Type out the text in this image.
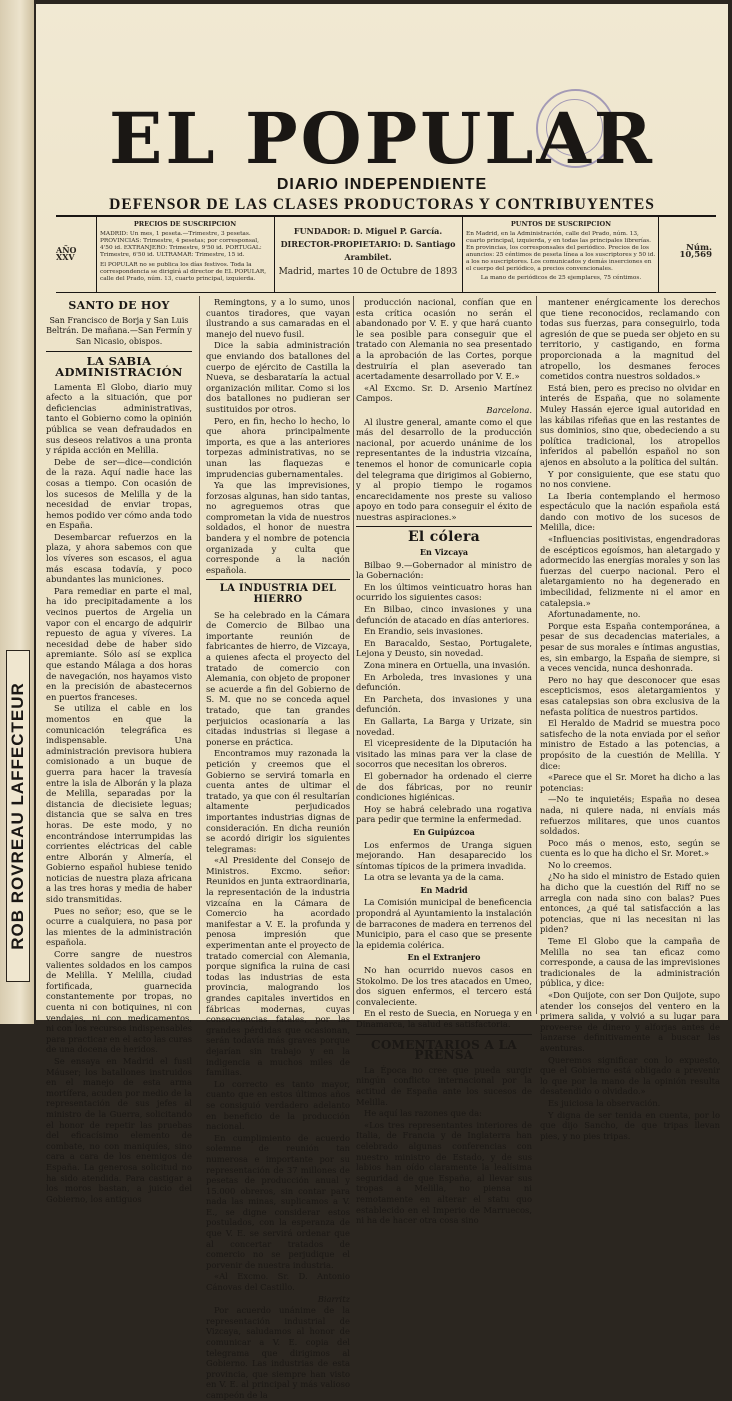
ROB ROVREAU LAFFECTEUR
EL POPULAR
DIARIO INDEPENDIENTE
DEFENSOR DE LAS CLASES PRODUCTORAS Y CONTRIBUYENTES
AÑO XXV
PRECIOS DE SUSCRIPCION
MADRID: Un mes, 1 peseta.—Trimestre, 3 pesetas. PROVINCIAS: Trimestre, 4 pesetas; por corresponsal, 4'50 id. EXTRANJERO: Trimestre, 9'50 id. PORTUGAL: Trimestre, 6'50 id. ULTRAMAR: Trimestre, 15 id.
El POPULAR no se publica los días festivos. Toda la correspondencia se dirigirá al director de EL POPULAR, calle del Prado, núm. 13, cuarto principal, izquierda.
FUNDADOR: D. Miguel P. García.
DIRECTOR-PROPIETARIO: D. Santiago Arambilet.
Madrid, martes 10 de Octubre de 1893
PUNTOS DE SUSCRIPCION
En Madrid, en la Administración, calle del Prado, núm. 13, cuarto principal, izquierda, y en todas las principales librerías. En provincias, los corresponsales del periódico. Precios de los anuncios: 25 céntimos de peseta línea a los suscriptores y 50 id. a los no suscriptores. Los comunicados y demás inserciones en el cuerpo del periódico, a precios convencionales.
La mano de periódicos de 25 ejemplares, 75 céntimos.
Núm. 10,569
SANTO DE HOY

San Francisco de Borja y San Luis Beltrán. De mañana.—San Fermín y San Nicasio, obispos.

LA SABIA ADMINISTRACIÓN

Lamenta El Globo, diario muy afecto a la situación, que por deficiencias administrativas, tanto el Gobierno como la opinión pública se vean defraudados en sus deseos relativos a una pronta y rápida acción en Melilla.

Debe de ser—dice—condición de la raza. Aquí nadie hace las cosas a tiempo. Con ocasión de los sucesos de Melilla y de la necesidad de enviar tropas, hemos podido ver cómo anda todo en España.

Desembarcar refuerzos en la plaza, y ahora sabemos con que los víveres son escasos, el agua más escasa todavía, y poco abundantes las municiones.

Para remediar en parte el mal, ha ido precipitadamente a los vecinos puertos de Argelia un vapor con el encargo de adquirir repuesto de agua y víveres. La necesidad debe de haber sido apremiante. Sólo así se explica que estando Málaga a dos horas de navegación, nos hayamos visto en la precisión de abastecernos en puertos franceses.

Se utiliza el cable en los momentos en que la comunicación telegráfica es indispensable. Una administración previsora hubiera comisionado a un buque de guerra para hacer la travesía entre la isla de Alborán y la plaza de Melilla, separadas por la distancia de diecisiete leguas; distancia que se salva en tres horas. De este modo, y no encontrándose interrumpidas las corrientes eléctricas del cable entre Alborán y Almería, el Gobierno español hubiese tenido noticias de nuestra plaza africana a las tres horas y media de haber sido transmitidas.

Pues no señor; eso, que se le ocurre a cualquiera, no pasa por las mientes de la administración española.

Corre sangre de nuestros valientes soldados en los campos de Melilla. Y Melilla, ciudad fortificada, guarnecida constantemente por tropas, no cuenta ni con botiquines, ni con vendajes, ni con medicamentos, ni con los recursos indispensables para practicar en el acto las curas de una docena de heridos.

Se ensaya en Madrid el fusil Máuser; los batallones instruidos en el manejo de esta arma mortífera, acuden por medio de la representación de sus jefes al ministro de la Guerra, solicitando el honor de repetir las pruebas del eficacísimo elemento de combate, no con maniquíes, sino cara a cara de los enemigos de España. La generosa solicitud no ha sido atendida. Para castigar a los moros bastan, a juicio del Gobierno, los antiguos

Remingtons, y a lo sumo, unos cuantos tiradores, que vayan ilustrando a sus camaradas en el manejo del nuevo fusil.

Dice la sabia administración que enviando dos batallones del cuerpo de ejército de Castilla la Nueva, se desbarataría la actual organización militar. Como si los dos batallones no pudieran ser sustituidos por otros.

Pero, en fin, hecho lo hecho, lo que ahora principalmente importa, es que a las anteriores torpezas administrativas, no se unan las flaquezas e imprudencias gubernamentales.

Ya que las imprevisiones, forzosas algunas, han sido tantas, no agreguemos otras que comprometan la vida de nuestros soldados, el honor de nuestra bandera y el nombre de potencia organizada y culta que corresponde a la nación española.

LA INDUSTRIA DEL HIERRO

Se ha celebrado en la Cámara de Comercio de Bilbao una importante reunión de fabricantes de hierro, de Vizcaya, a quienes afecta el proyecto del tratado de comercio con Alemania, con objeto de proponer se acuerde a fin del Gobierno de S. M. que no se conceda aquel tratado, que tan grandes perjuicios ocasionaría a las citadas industrias si llegase a ponerse en práctica.

Encontramos muy razonada la petición y creemos que el Gobierno se servirá tomarla en cuenta antes de ultimar el tratado, ya que con él resultarían altamente perjudicados importantes industrias dignas de consideración. En dicha reunión se acordó dirigir los siguientes telegramas:

«Al Presidente del Consejo de Ministros. Excmo. señor: Reunidos en junta extraordinaria, la representación de la industria vizcaína en la Cámara de Comercio ha acordado manifestar a V. E. la profunda y penosa impresión que experimentan ante el proyecto de tratado comercial con Alemania, porque significa la ruina de casi todas las industrias de esta provincia, malogrando los grandes capitales invertidos en fábricas modernas, cuyas consecuencias fatales, por las grandes pérdidas que ocasionan, serán todavía más graves porque dejarían sin trabajo y en la indigencia a muchos miles de familias.

Lo correcto es tanto mayor, cuanto que en estos últimos años se consiguió verdadero adelanto en beneficio de la producción nacional.

En cumplimiento de acuerdo solemne de reunión tan numerosa e importante por su representación de 37 millones de pesetas de producción anual y 15.000 obreros, sin contar para nada las minas, suplicamos a V. E., se digne considerar estos postulados, con la esperanza de que V. E. se servirá ordenar que al concertar tratados de comercio no se perjudique el porvenir de nuestra industria.

«Al Excmo. Sr. D. Antonio Cánovas del Castillo.

Biarritz

Por acuerdo unánime de la representación industrial de Vizcaya, saludamos al honor de comunicar a V. E. copia del telegrama que dirigimos al Gobierno. Las industrias de esta provincia, que siempre han visto en V. E. al principal y más valioso campeón de la

producción nacional, confían que en esta crítica ocasión no serán el abandonado por V. E. y que hará cuanto le sea posible para conseguir que el tratado con Alemania no sea presentado a la aprobación de las Cortes, porque destruiría el plan aseverado tan acertadamente desarrollado por V. E.»

«Al Excmo. Sr. D. Arsenio Martínez Campos.

Barcelona.

Al ilustre general, amante como el que más del desarrollo de la producción nacional, por acuerdo unánime de los representantes de la industria vizcaína, tenemos el honor de comunicarle copia del telegrama que dirigimos al Gobierno, y al propio tiempo le rogamos encarecidamente nos preste su valioso apoyo en todo para conseguir el éxito de nuestras aspiraciones.»

El cólera

En Vizcaya

Bilbao 9.—Gobernador al ministro de la Gobernación:

En los últimos veinticuatro horas han ocurrido los siguientes casos:

En Bilbao, cinco invasiones y una defunción de atacado en días anteriores.

En Erandio, seis invasiones.

En Baracaldo, Sestao, Portugalete, Lejona y Deusto, sin novedad.

Zona minera en Ortuella, una invasión.

En Arboleda, tres invasiones y una defunción.

En Parcheta, dos invasiones y una defunción.

En Gallarta, La Barga y Urizate, sin novedad.

El vicepresidente de la Diputación ha visitado las minas para ver la clase de socorros que necesitan los obreros.

El gobernador ha ordenado el cierre de dos fábricas, por no reunir condiciones higiénicas.

Hoy se habrá celebrado una rogativa para pedir que termine la enfermedad.

En Guipúzcoa

Los enfermos de Uranga siguen mejorando. Han desaparecido los síntomas típicos de la primera invadida.

La otra se levanta ya de la cama.

En Madrid

La Comisión municipal de beneficencia propondrá al Ayuntamiento la instalación de barracones de madera en terrenos del Municipio, para el caso que se presente la epidemia colérica.

En el Extranjero

No han ocurrido nuevos casos en Stokolmo. De los tres atacados en Umeo, dos siguen enfermos, el tercero está convaleciente.

En el resto de Suecia, en Noruega y en Dinamarca, la salud es satisfactoria.

COMENTARIOS A LA PRENSA

La Época no cree que pueda surgir ningún conflicto internacional por la actitud de España ante los sucesos de Melilla.

He aquí las razones que da:

«Los tres representantes interiores de Italia, de Francia y de Inglaterra han celebrado algunas conferencias con nuestro ministro de Estado, y de sus labios han oído claramente la lealísima seguridad de que España, al llevar sus tropas a Melilla, no piensa ni remotamente en alterar el statu quo establecido en el Imperio de Marruecos, ni ha de hacer otra cosa sino

mantener enérgicamente los derechos que tiene reconocidos, reclamando con todas sus fuerzas, para conseguirlo, toda agresión de que se pueda ser objeto en su territorio, y castigando, en forma proporcionada a la magnitud del atropello, los desmanes feroces cometidos contra nuestros soldados.»

Está bien, pero es preciso no olvidar en interés de España, que no solamente Muley Hassán ejerce igual autoridad en las kábilas rifeñas que en las restantes de sus dominios, sino que, obedeciendo a su política tradicional, los atropellos inferidos al pabellón español no son ajenos en absoluto a la política del sultán.

Y por consiguiente, que ese statu quo no nos conviene.

La Iberia contemplando el hermoso espectáculo que la nación española está dando con motivo de los sucesos de Melilla, dice:

«Influencias positivistas, engendradoras de escépticos egoísmos, han aletargado y adormecido las energías morales y son las fuerzas del cuerpo nacional. Pero el aletargamiento no ha degenerado en imbecilidad, felizmente ni el amor en catalepsia.»

Afortunadamente, no.

Porque esta España contemporánea, a pesar de sus decadencias materiales, a pesar de sus morales e íntimas angustias, es, sin embargo, la España de siempre, si a veces vencida, nunca deshonrada.

Pero no hay que desconocer que esas escepticismos, esos aletargamientos y esas catalepsias son obra exclusiva de la nefasta política de nuestros partidos.

El Heraldo de Madrid se muestra poco satisfecho de la nota enviada por el señor ministro de Estado a las potencias, a propósito de la cuestión de Melilla. Y dice:

«Parece que el Sr. Moret ha dicho a las potencias:

—No te inquietéis; España no desea nada, ni quiere nada, ni envíais más refuerzos militares, que unos cuantos soldados.

Poco más o menos, esto, según se cuenta es lo que ha dicho el Sr. Moret.»

No lo creemos.

¿No ha sido el ministro de Estado quien ha dicho que la cuestión del Riff no se arregla con nada sino con balas? Pues entonces, ¿a qué tal satisfacción a las potencias, que ni las necesitan ni las piden?

Teme El Globo que la campaña de Melilla no sea tan eficaz como corresponde, a causa de las imprevisiones tradicionales de la administración pública, y dice:

«Don Quijote, con ser Don Quijote, supo atender los consejos del ventero en la primera salida, y volvió a su lugar para proveerse de dinero y alforjas antes de lanzarse definitivamente a buscar las aventuras.

Queremos significar con lo expuesto, que el Gobierno está obligado a prevenir lo que por la mano de la opinión resulta desatendido o olvidado.»

Es juiciosa la observación.

Y digna de ser tenida en cuenta, por lo que dijo Sancho, de que tripas llevan pies, y no pies tripas.
